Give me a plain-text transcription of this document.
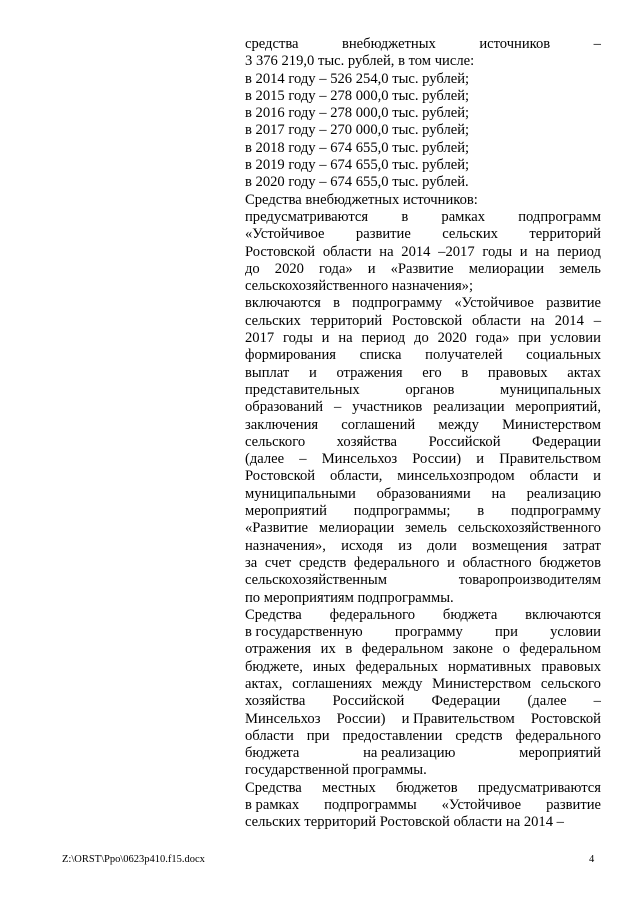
средства	внебюджетных	источников	–
3 376 219,0 тыс. рублей, в том числе:
в 2014 году – 526 254,0 тыс. рублей;
в 2015 году – 278 000,0 тыс. рублей;
в 2016 году – 278 000,0 тыс. рублей;
в 2017 году – 270 000,0 тыс. рублей;
в 2018 году – 674 655,0 тыс. рублей;
в 2019 году – 674 655,0 тыс. рублей;
в 2020 году – 674 655,0 тыс. рублей.
Средства внебюджетных источников:
предусматриваются в рамках подпрограмм
«Устойчивое развитие сельских территорий
Ростовской области на 2014 –2017 годы и на период
до 2020 года» и «Развитие мелиорации земель
сельскохозяйственного назначения»;
включаются в подпрограмму «Устойчивое развитие
сельских территорий Ростовской области на 2014 –
2017 годы и на период до 2020 года» при условии
формирования списка получателей социальных
выплат и отражения его в правовых актах
представительных	органов	муниципальных
образований – участников реализации мероприятий,
заключения соглашений между Министерством
сельского хозяйства Российской Федерации
(далее – Минсельхоз России) и Правительством
Ростовской области, минсельхозпродом области и
муниципальными образованиями на реализацию
мероприятий подпрограммы; в подпрограмму
«Развитие мелиорации земель сельскохозяйственного
назначения», исходя из доли возмещения затрат
за счет средств федерального и областного бюджетов
сельскохозяйственным	товаропроизводителям
по мероприятиям подпрограммы.
Средства федерального бюджета включаются
в государственную программу при условии
отражения их в федеральном законе о федеральном
бюджете, иных федеральных нормативных правовых
актах, соглашениях между Министерством сельского
хозяйства Российской Федерации (далее –
Минсельхоз России) и Правительством Ростовской
области при предоставлении средств федерального
бюджета	на реализацию	мероприятий
государственной программы.
Средства местных бюджетов предусматриваются
в рамках подпрограммы «Устойчивое развитие
сельских территорий Ростовской области на 2014 –
Z:\ORST\Ppo\0623p410.f15.docx	4
